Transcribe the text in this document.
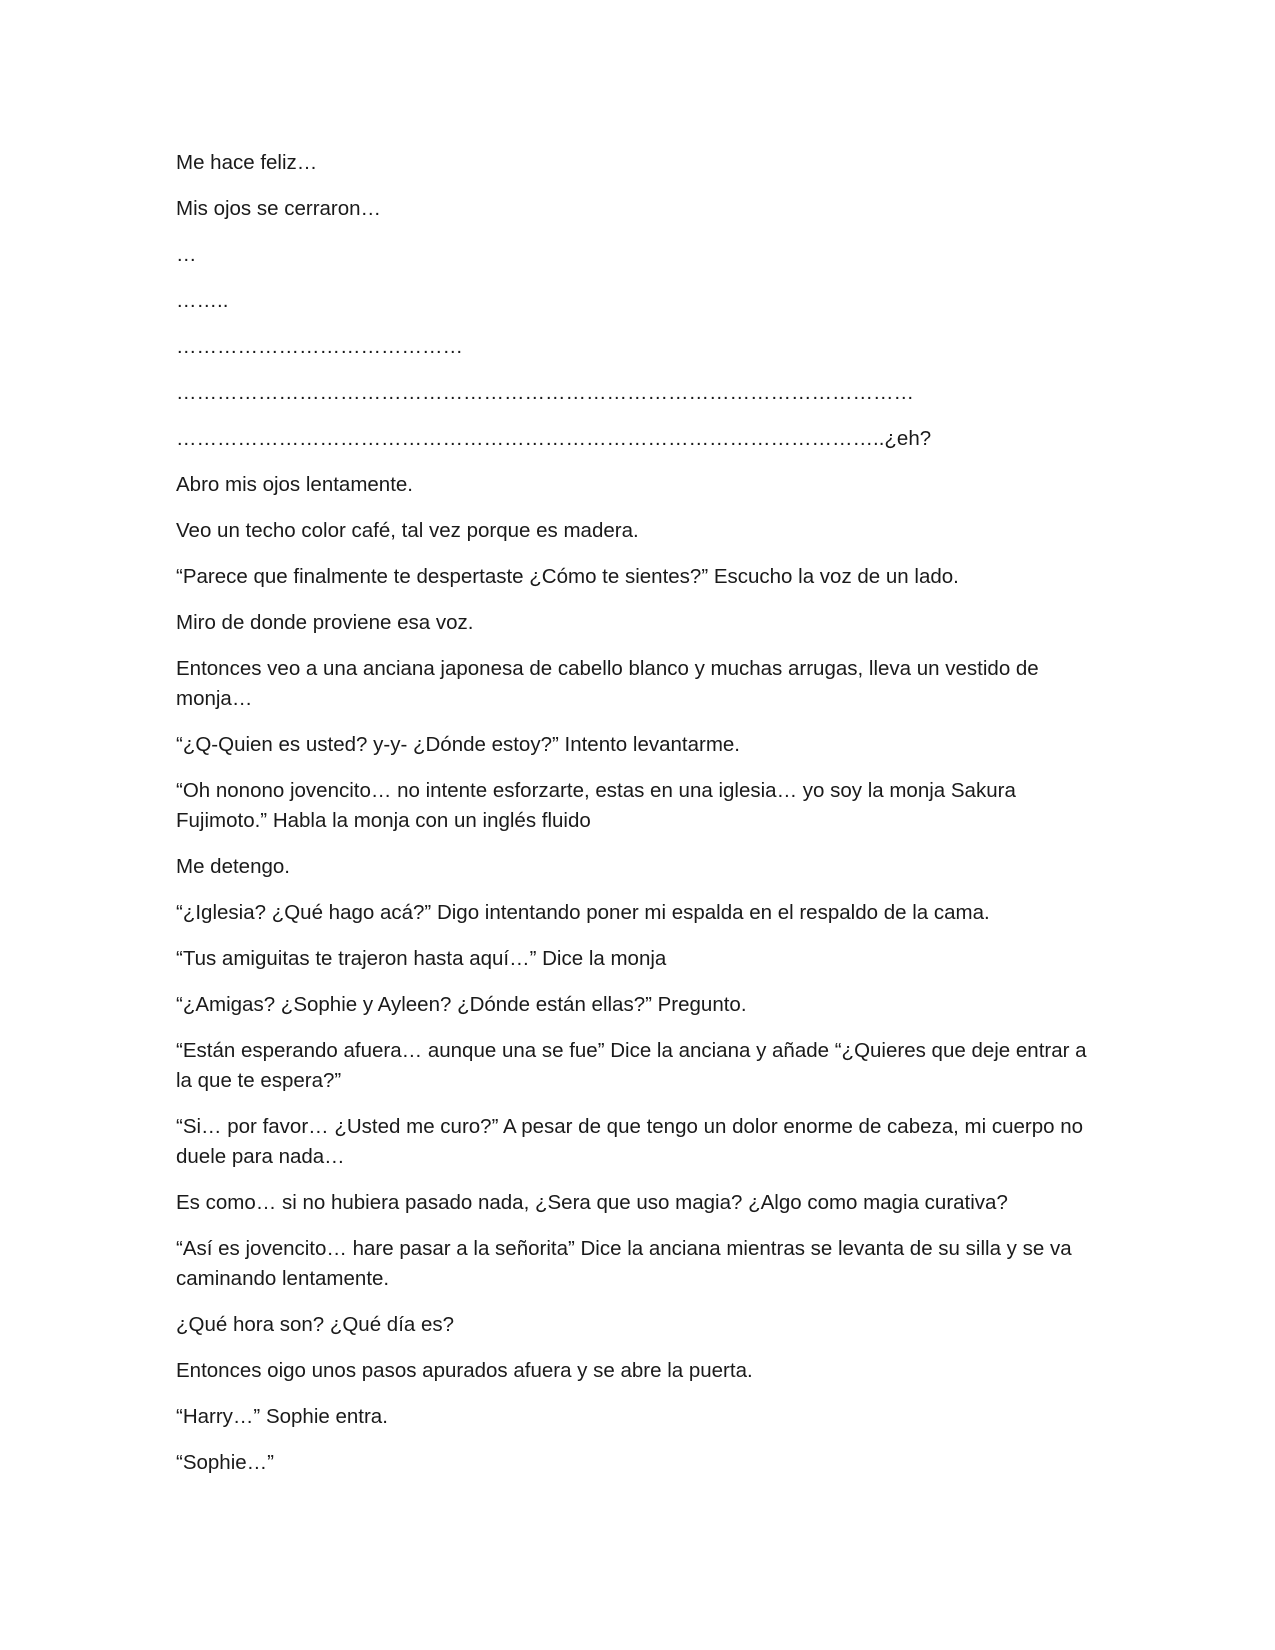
Me hace feliz…

Mis ojos se cerraron…

…

……..

……………………………………

………………………………………………………………………………………………

…………………………………………………………………………………………..¿eh?

Abro mis ojos lentamente.

Veo un techo color café, tal vez porque es madera.

“Parece que finalmente te despertaste ¿Cómo te sientes?” Escucho la voz de un lado.

Miro de donde proviene esa voz.

Entonces veo a una anciana japonesa de cabello blanco y muchas arrugas, lleva un vestido de monja…

“¿Q-Quien es usted? y-y- ¿Dónde estoy?” Intento levantarme.

“Oh nonono jovencito… no intente esforzarte, estas en una iglesia… yo soy la monja Sakura Fujimoto.” Habla la monja con un inglés fluido

Me detengo.

“¿Iglesia? ¿Qué hago acá?” Digo intentando poner mi espalda en el respaldo de la cama.

“Tus amiguitas te trajeron hasta aquí…” Dice la monja

“¿Amigas? ¿Sophie y Ayleen? ¿Dónde están ellas?” Pregunto.

“Están esperando afuera… aunque una se fue” Dice la anciana y añade “¿Quieres que deje entrar a la que te espera?”

“Si… por favor… ¿Usted me curo?” A pesar de que tengo un dolor enorme de cabeza, mi cuerpo no duele para nada…

Es como… si no hubiera pasado nada, ¿Sera que uso magia? ¿Algo como magia curativa?

“Así es jovencito… hare pasar a la señorita” Dice la anciana mientras se levanta de su silla y se va caminando lentamente.

¿Qué hora son? ¿Qué día es?

Entonces oigo unos pasos apurados afuera y se abre la puerta.

“Harry…” Sophie entra.

“Sophie…”
